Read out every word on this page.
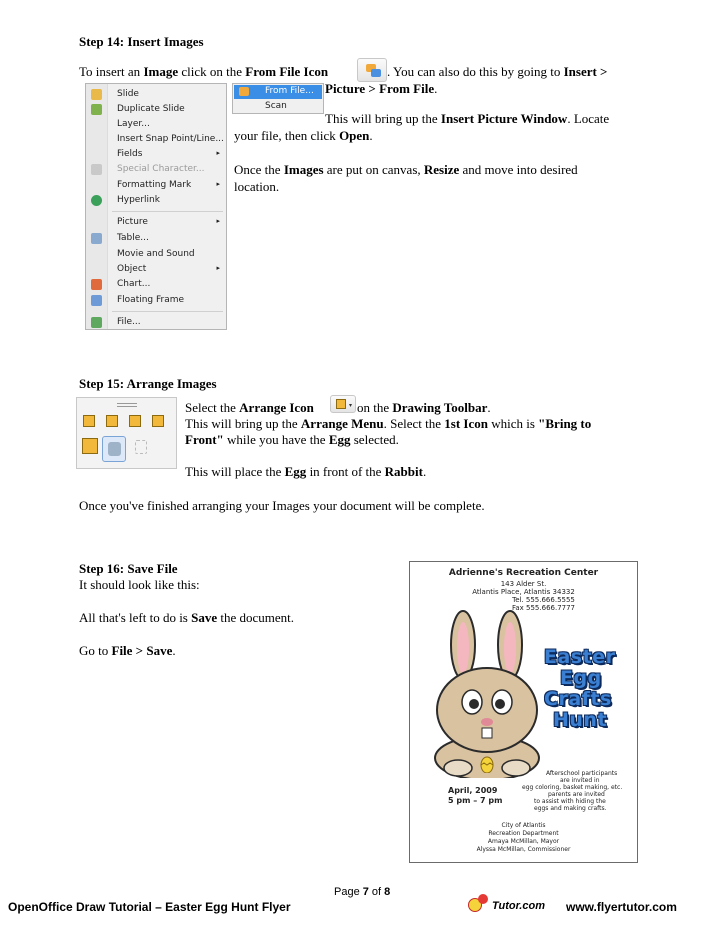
Step 14: Insert Images
To insert an Image click on the From File Icon	. You can also do this by going to Insert >
Picture > From File.
This will bring up the Insert Picture Window. Locate
your file, then click Open.
Once the Images are put on canvas, Resize and move into desired
location.
Slide
Duplicate Slide
Layer...
Insert Snap Point/Line...
Fields	▸
Special Character...
Formatting Mark	▸
Hyperlink
Picture	▸
Table...
Movie and Sound
Object	▸
Chart...
Floating Frame
File...
From File...
Scan
Step 15: Arrange Images
Select the Arrange Icon	▾ on the Drawing Toolbar.
This will bring up the Arrange Menu. Select the 1st Icon which is "Bring to
Front" while you have the Egg selected.
This will place the Egg in front of the Rabbit.
Once you've finished arranging your Images your document will be complete.
Step 16: Save File
It should look like this:
All that's left to do is Save the document.
Go to File > Save.
Adrienne's Recreation Center
143 Alder St.
Atlantis Place, Atlantis 34332
Tel. 555.666.5555
Fax 555.666.7777
Easter
Egg
Crafts
Hunt
April, 2009
5 pm – 7 pm
Afterschool participants
are invited in
egg coloring, basket making, etc.
parents are invited
to assist with hiding the
eggs and making crafts.
City of Atlantis
Recreation Department
Amaya McMillan, Mayor
Alyssa McMillan, Commissioner
Page 7 of 8
OpenOffice Draw Tutorial – Easter Egg Hunt Flyer	Tutor.com www.flyertutor.com
